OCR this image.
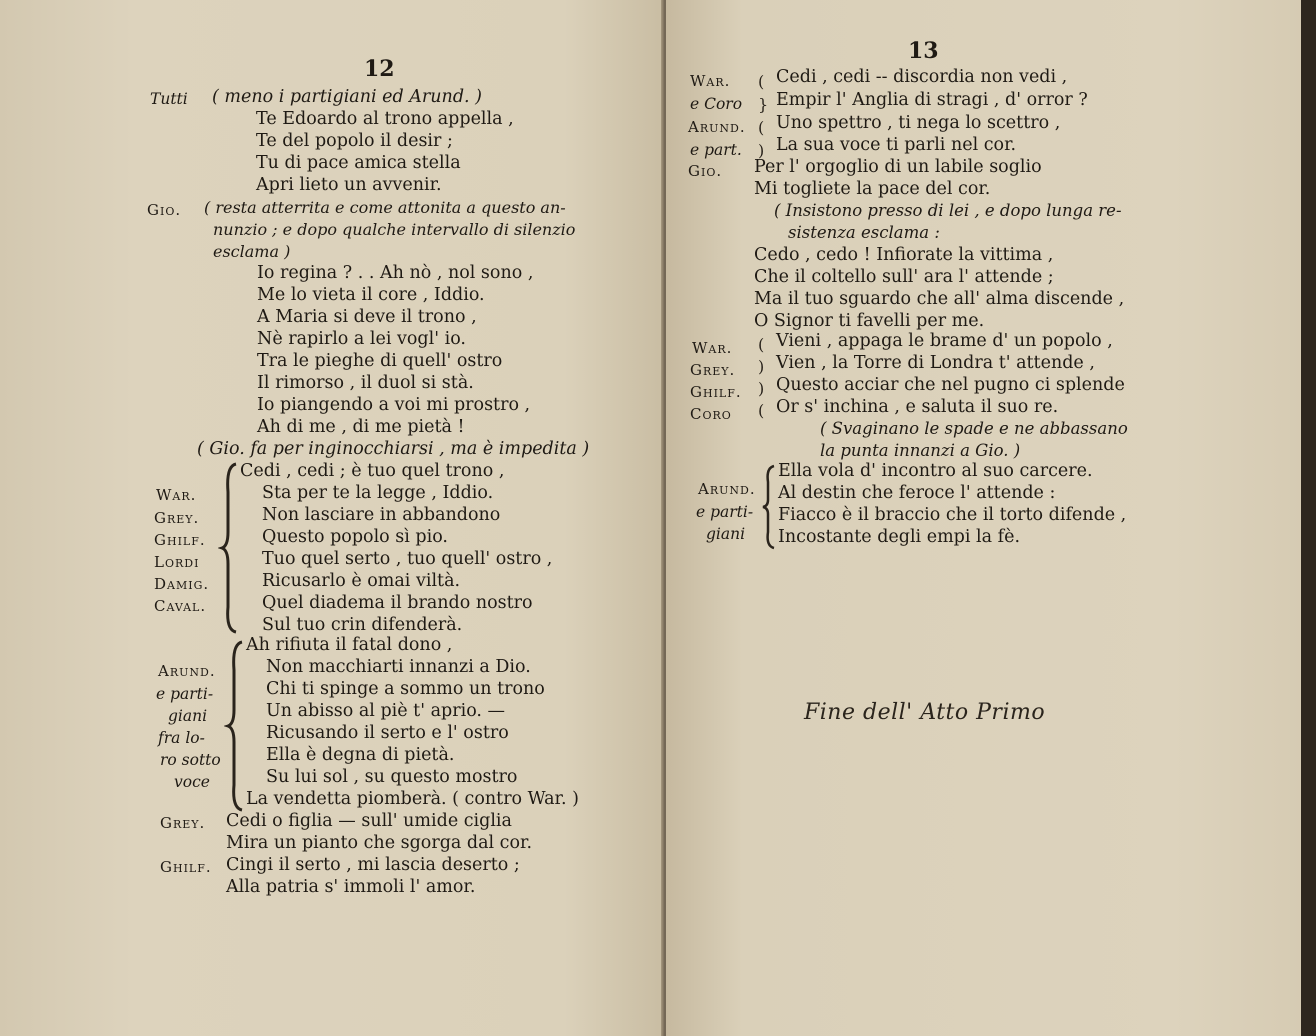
12
Tutti ( meno i partigiani ed Arund. )
Te Edoardo al trono appella ,
Te del popolo il desir ;
Tu di pace amica stella
Apri lieto un avvenir.
Gio. ( resta atterrita e come attonita a questo an-
nunzio ; e dopo qualche intervallo di silenzio
esclama )
Io regina ? . . Ah nò , nol sono ,
Me lo vieta il core , Iddio.
A Maria si deve il trono ,
Nè rapirlo a lei vogl' io.
Tra le pieghe di quell' ostro
Il rimorso , il duol si stà.
Io piangendo a voi mi prostro ,
Ah di me , di me pietà !
( Gio. fa per inginocchiarsi , ma è impedita )
War.
Grey.
Ghilf.
Lordi
Damig.
Caval.
Cedi , cedi ; è tuo quel trono ,
Sta per te la legge , Iddio.
Non lasciare in abbandono
Questo popolo sì pio.
Tuo quel serto , tuo quell' ostro ,
Ricusarlo è omai viltà.
Quel diadema il brando nostro
Sul tuo crin difenderà.
Arund.
e parti-
giani
fra lo-
ro sotto
voce
Ah rifiuta il fatal dono ,
Non macchiarti innanzi a Dio.
Chi ti spinge a sommo un trono
Un abisso al piè t' aprio. —
Ricusando il serto e l' ostro
Ella è degna di pietà.
Su lui sol , su questo mostro
La vendetta piomberà. ( contro War. )
Grey. Cedi o figlia — sull' umide ciglia
Mira un pianto che sgorga dal cor.
Ghilf. Cingi il serto , mi lascia deserto ;
Alla patria s' immoli l' amor.
13
War.
e Coro
Arund.
e part.
(
}
(
)
Cedi , cedi -- discordia non vedi ,
Empir l' Anglia di stragi , d' orror ?
Uno spettro , ti nega lo scettro ,
La sua voce ti parli nel cor.
Gio. Per l' orgoglio di un labile soglio
Mi togliete la pace del cor.
( Insistono presso di lei , e dopo lunga re-
sistenza esclama :
Cedo , cedo ! Infiorate la vittima ,
Che il coltello sull' ara l' attende ;
Ma il tuo sguardo che all' alma discende ,
O Signor ti favelli per me.
War.
Grey.
Ghilf.
Coro
(
)
)
(
Vieni , appaga le brame d' un popolo ,
Vien , la Torre di Londra t' attende ,
Questo acciar che nel pugno ci splende
Or s' inchina , e saluta il suo re.
( Svaginano le spade e ne abbassano
la punta innanzi a Gio. )
Arund.
e parti-
giani
Ella vola d' incontro al suo carcere.
Al destin che feroce l' attende :
Fiacco è il braccio che il torto difende ,
Incostante degli empi la fè.
Fine dell' Atto Primo
